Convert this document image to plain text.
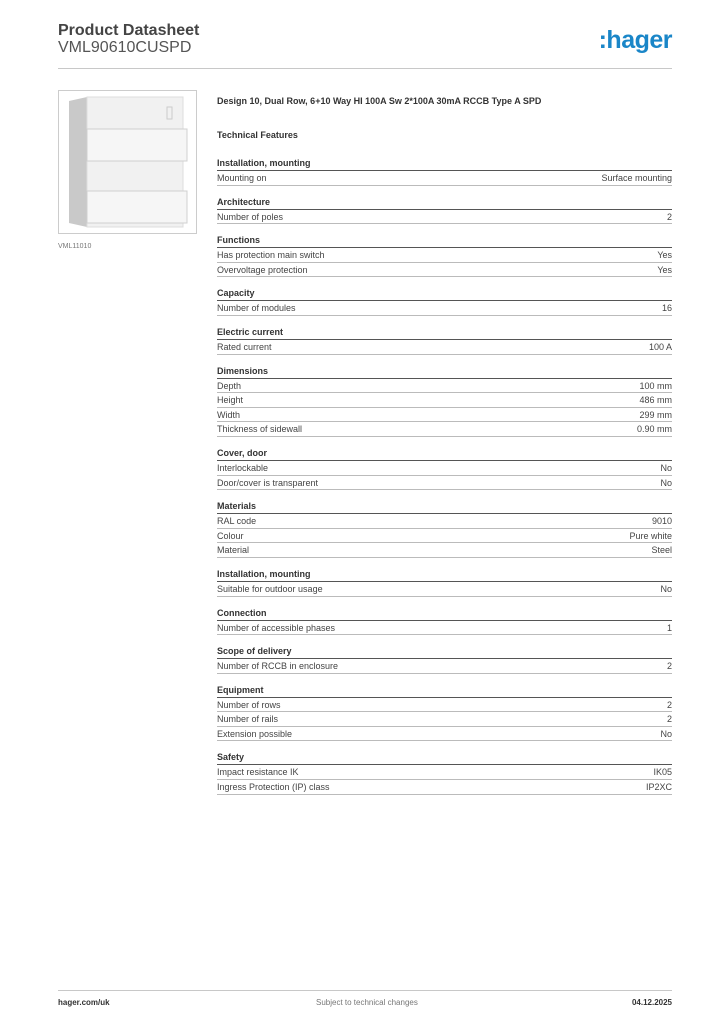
Product Datasheet
VML90610CUSPD	:hager
VML11010
Design 10, Dual Row, 6+10 Way HI 100A Sw 2*100A 30mA RCCB Type A SPD
Technical Features
Installation, mounting
Mounting on	Surface mounting
Architecture
Number of poles	2
Functions
Has protection main switch	Yes
Overvoltage protection	Yes
Capacity
Number of modules	16
Electric current
Rated current	100 A
Dimensions
Depth	100 mm
Height	486 mm
Width	299 mm
Thickness of sidewall	0.90 mm
Cover, door
Interlockable	No
Door/cover is transparent	No
Materials
RAL code	9010
Colour	Pure white
Material	Steel
Installation, mounting
Suitable for outdoor usage	No
Connection
Number of accessible phases	1
Scope of delivery
Number of RCCB in enclosure	2
Equipment
Number of rows	2
Number of rails	2
Extension possible	No
Safety
Impact resistance IK	IK05
Ingress Protection (IP) class	IP2XC
hager.com/uk	Subject to technical changes	04.12.2025
